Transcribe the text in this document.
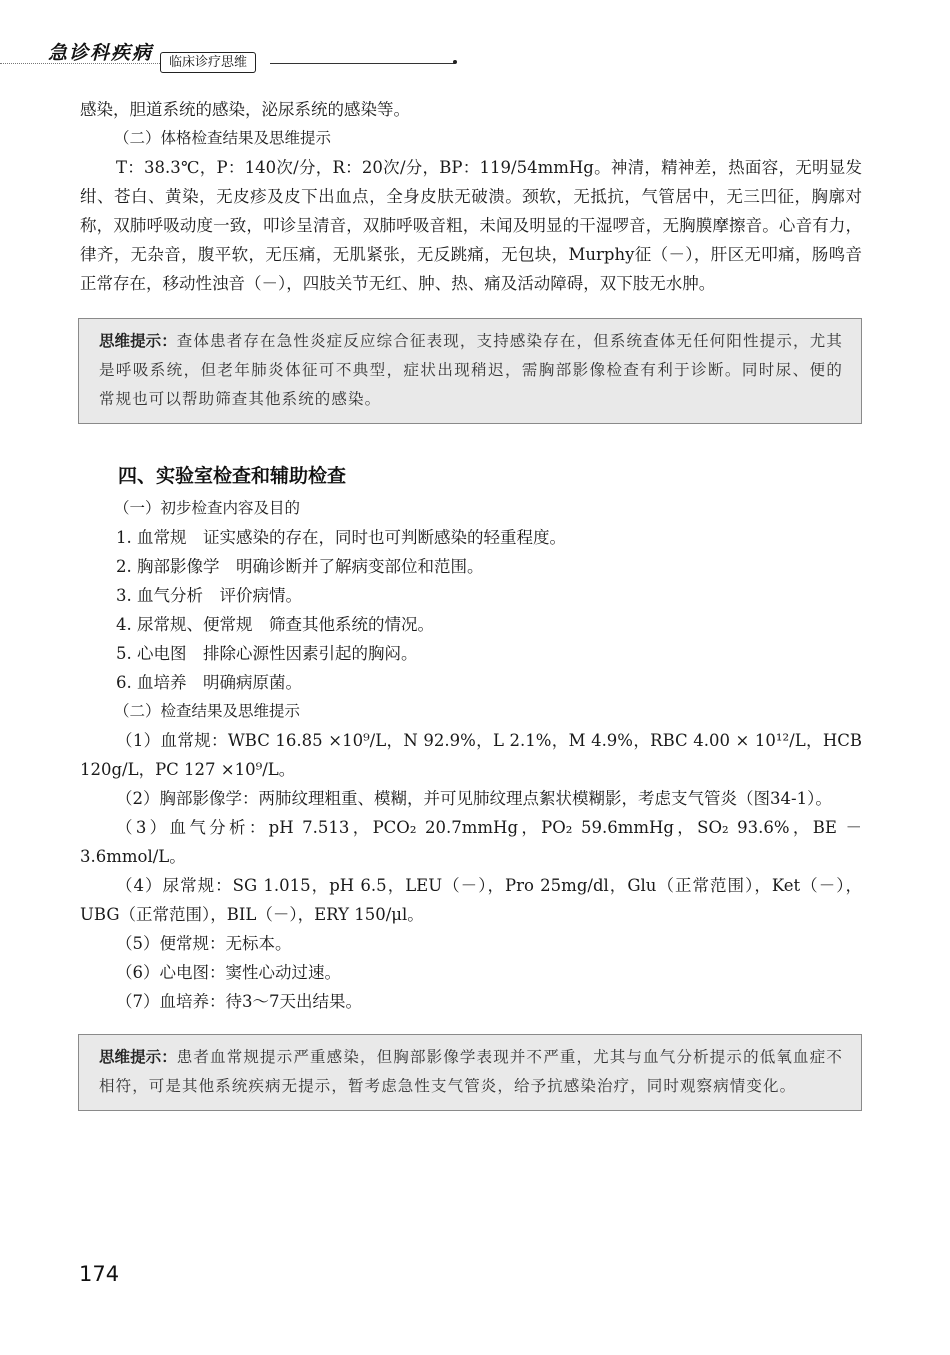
急诊科疾病	临床诊疗思维

感染，胆道系统的感染，泌尿系统的感染等。

（二）体格检查结果及思维提示

T：38.3℃，P：140次/分，R：20次/分，BP：119/54mmHg。神清，精神差，热面容，无明显发绀、苍白、黄染，无皮疹及皮下出血点，全身皮肤无破溃。颈软，无抵抗，气管居中，无三凹征，胸廓对称，双肺呼吸动度一致，叩诊呈清音，双肺呼吸音粗，未闻及明显的干湿啰音，无胸膜摩擦音。心音有力，律齐，无杂音，腹平软，无压痛，无肌紧张，无反跳痛，无包块，Murphy征（－），肝区无叩痛，肠鸣音正常存在，移动性浊音（－），四肢关节无红、肿、热、痛及活动障碍，双下肢无水肿。

思维提示：查体患者存在急性炎症反应综合征表现，支持感染存在，但系统查体无任何阳性提示，尤其是呼吸系统，但老年肺炎体征可不典型，症状出现稍迟，需胸部影像检查有利于诊断。同时尿、便的常规也可以帮助筛查其他系统的感染。
四、实验室检查和辅助检查
（一）初步检查内容及目的
1. 血常规　证实感染的存在，同时也可判断感染的轻重程度。
2. 胸部影像学　明确诊断并了解病变部位和范围。
3. 血气分析　评价病情。
4. 尿常规、便常规　筛查其他系统的情况。
5. 心电图　排除心源性因素引起的胸闷。
6. 血培养　明确病原菌。
（二）检查结果及思维提示

（1）血常规：WBC 16.85 ×10⁹/L，N 92.9%，L 2.1%，M 4.9%，RBC 4.00 × 10¹²/L，HCB 120g/L，PC 127 ×10⁹/L。

（2）胸部影像学：两肺纹理粗重、模糊，并可见肺纹理点絮状模糊影，考虑支气管炎（图34-1）。

（3）血气分析：pH 7.513，PCO₂ 20.7mmHg，PO₂ 59.6mmHg，SO₂ 93.6%，BE － 3.6mmol/L。

（4）尿常规：SG 1.015，pH 6.5，LEU（－），Pro 25mg/dl，Glu（正常范围），Ket（－），UBG（正常范围），BIL（－），ERY 150/μl。

（5）便常规：无标本。

（6）心电图：窦性心动过速。

（7）血培养：待3～7天出结果。

思维提示：患者血常规提示严重感染，但胸部影像学表现并不严重，尤其与血气分析提示的低氧血症不相符，可是其他系统疾病无提示，暂考虑急性支气管炎，给予抗感染治疗，同时观察病情变化。
174
